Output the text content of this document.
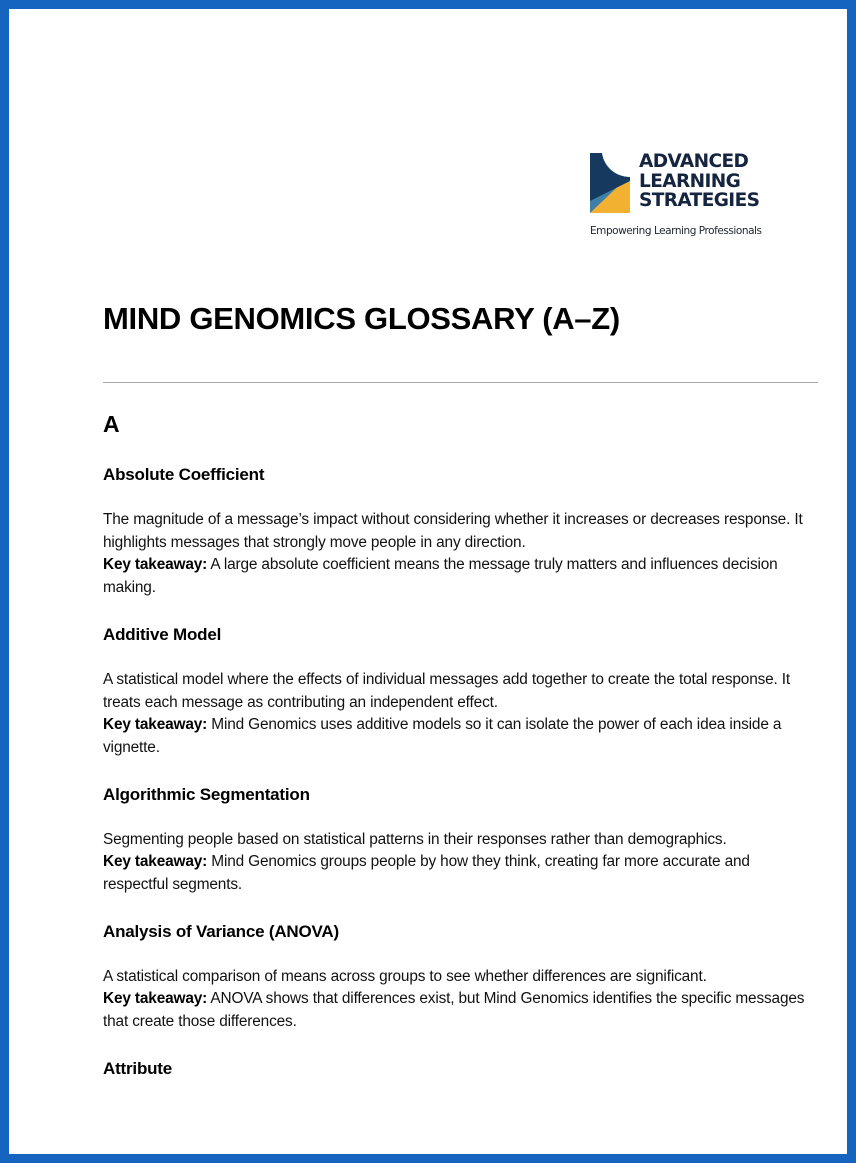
ADVANCED
LEARNING
STRATEGIES
Empowering Learning Professionals
MIND GENOMICS GLOSSARY (A–Z)
A
Absolute Coefficient

The magnitude of a message’s impact without considering whether it increases or decreases response. It highlights messages that strongly move people in any direction.

Key takeaway: A large absolute coefficient means the message truly matters and influences decision making.

Additive Model

A statistical model where the effects of individual messages add together to create the total response. It treats each message as contributing an independent effect.

Key takeaway: Mind Genomics uses additive models so it can isolate the power of each idea inside a vignette.

Algorithmic Segmentation

Segmenting people based on statistical patterns in their responses rather than demographics.

Key takeaway: Mind Genomics groups people by how they think, creating far more accurate and respectful segments.

Analysis of Variance (ANOVA)

A statistical comparison of means across groups to see whether differences are significant.

Key takeaway: ANOVA shows that differences exist, but Mind Genomics identifies the specific messages that create those differences.

Attribute
